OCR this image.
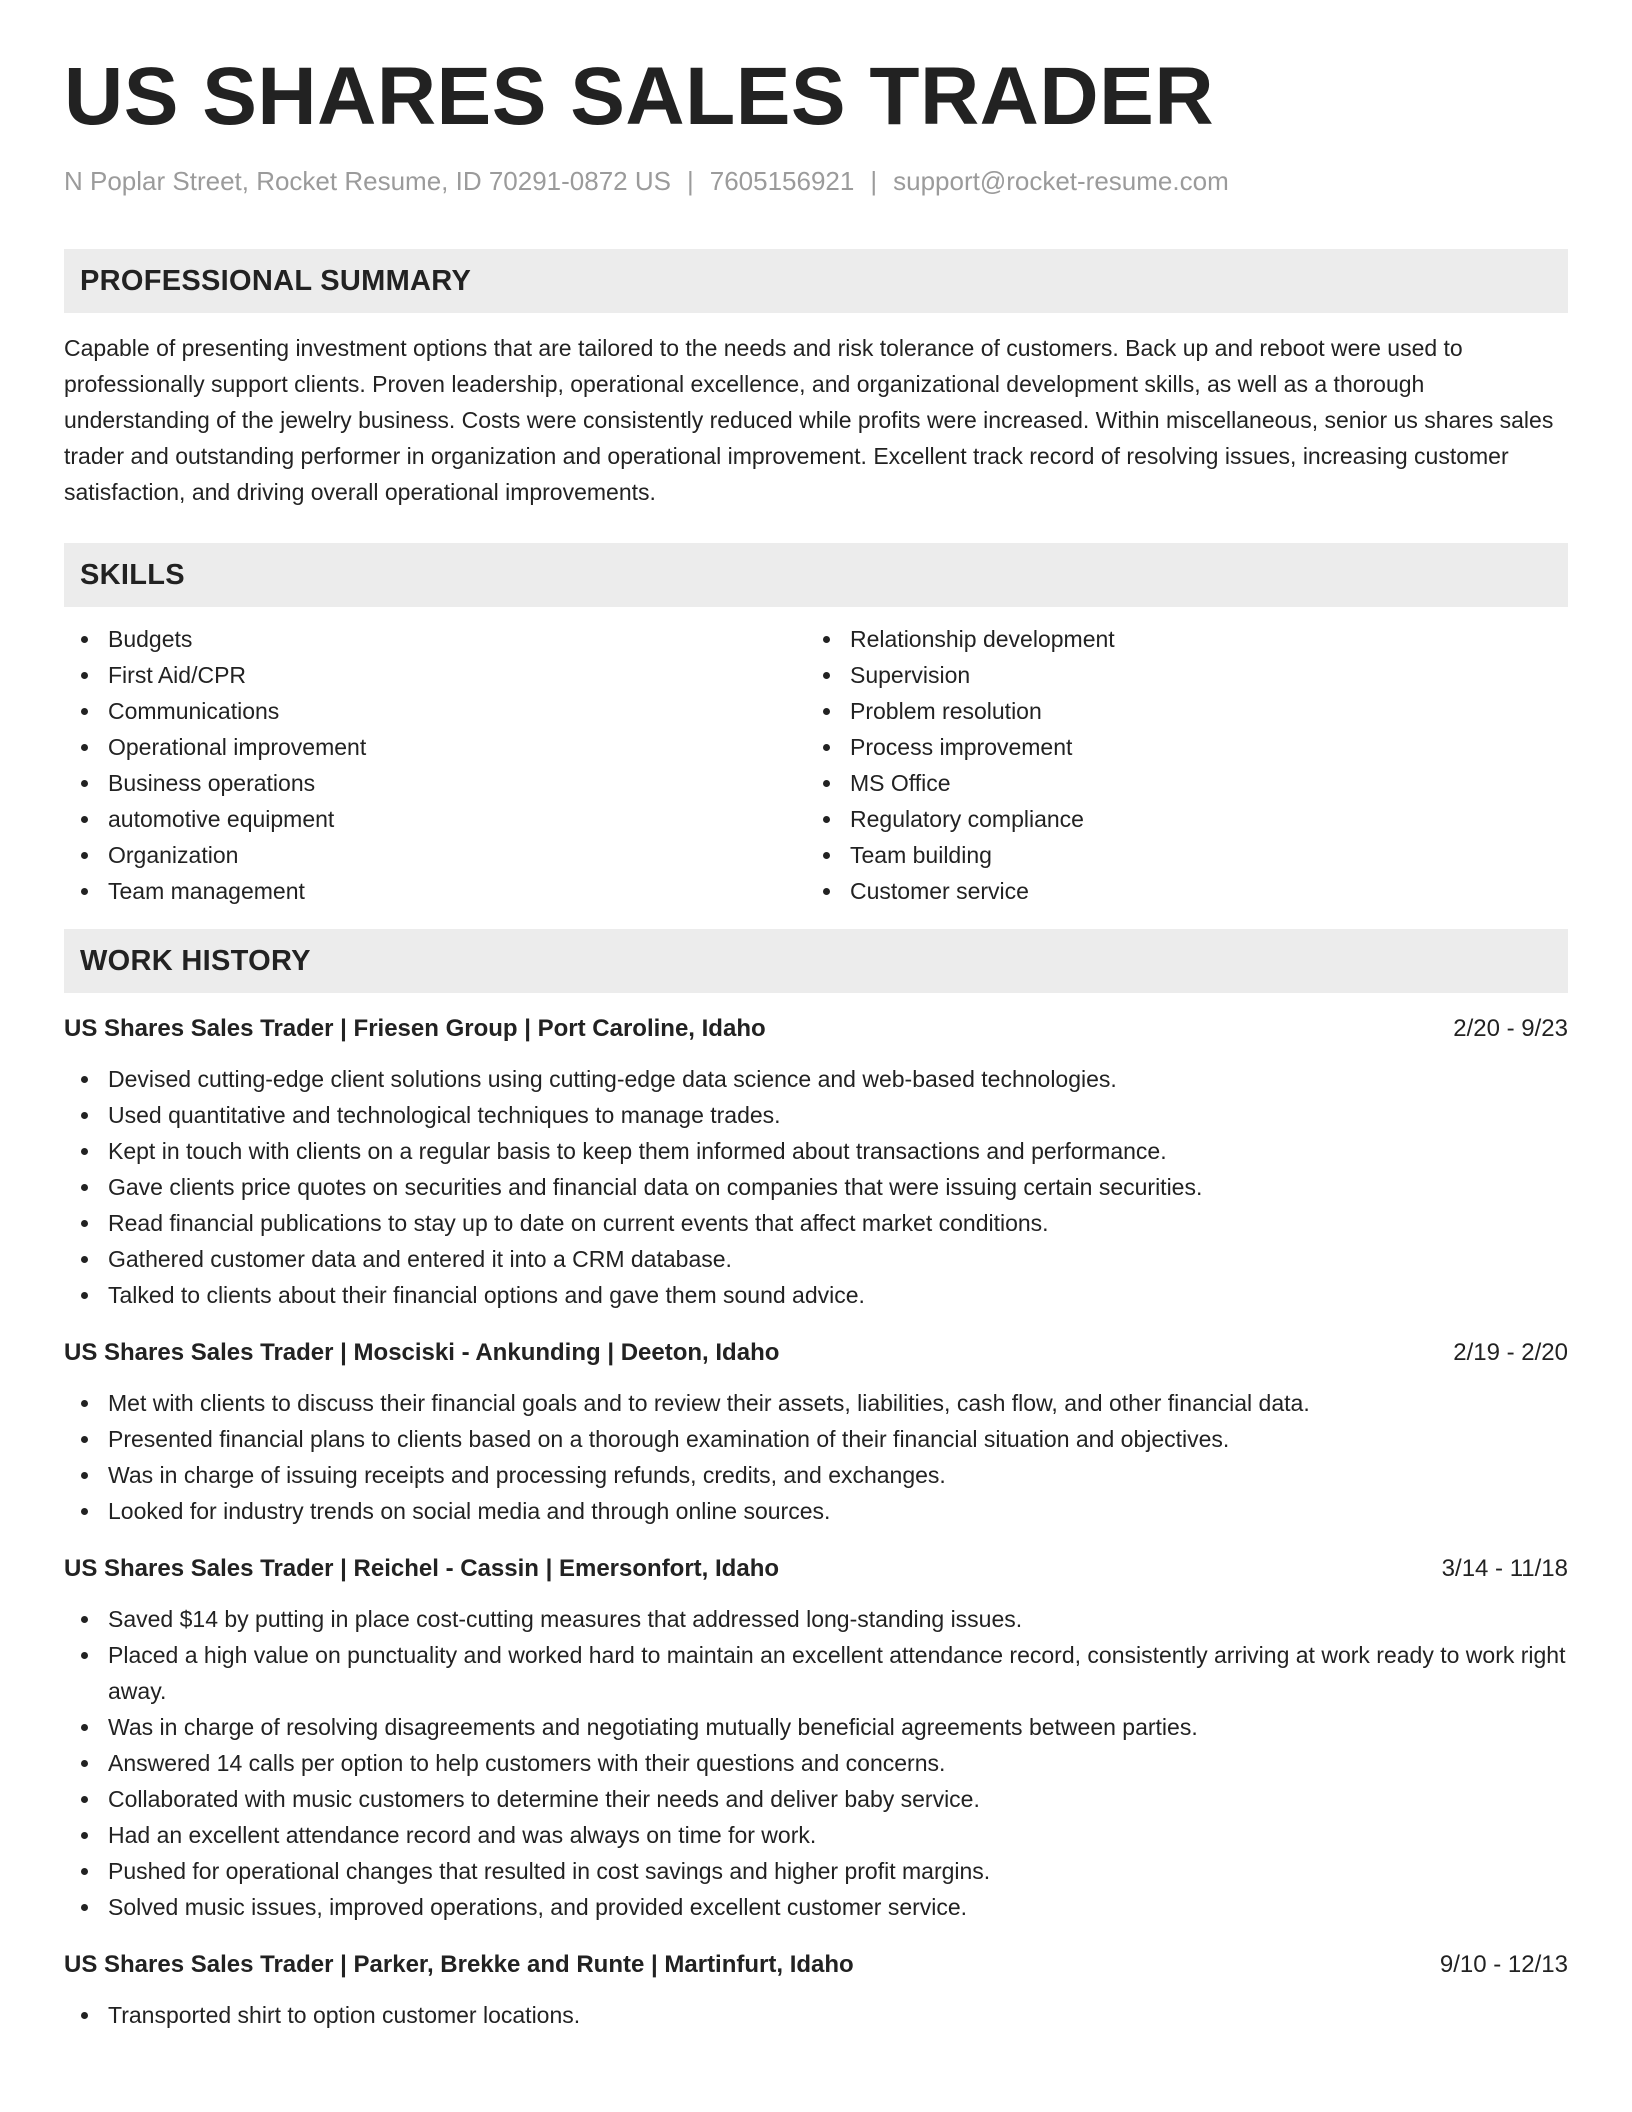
US SHARES SALES TRADER
N Poplar Street, Rocket Resume, ID 70291-0872 US | 7605156921 | support@rocket-resume.com
PROFESSIONAL SUMMARY
Capable of presenting investment options that are tailored to the needs and risk tolerance of customers. Back up and reboot were used to professionally support clients. Proven leadership, operational excellence, and organizational development skills, as well as a thorough understanding of the jewelry business. Costs were consistently reduced while profits were increased. Within miscellaneous, senior us shares sales trader and outstanding performer in organization and operational improvement. Excellent track record of resolving issues, increasing customer satisfaction, and driving overall operational improvements.
SKILLS
Budgets
First Aid/CPR
Communications
Operational improvement
Business operations
automotive equipment
Organization
Team management
Relationship development
Supervision
Problem resolution
Process improvement
MS Office
Regulatory compliance
Team building
Customer service
WORK HISTORY
US Shares Sales Trader | Friesen Group | Port Caroline, Idaho	2/20 - 9/23
Devised cutting-edge client solutions using cutting-edge data science and web-based technologies.
Used quantitative and technological techniques to manage trades.
Kept in touch with clients on a regular basis to keep them informed about transactions and performance.
Gave clients price quotes on securities and financial data on companies that were issuing certain securities.
Read financial publications to stay up to date on current events that affect market conditions.
Gathered customer data and entered it into a CRM database.
Talked to clients about their financial options and gave them sound advice.
US Shares Sales Trader | Mosciski - Ankunding | Deeton, Idaho	2/19 - 2/20
Met with clients to discuss their financial goals and to review their assets, liabilities, cash flow, and other financial data.
Presented financial plans to clients based on a thorough examination of their financial situation and objectives.
Was in charge of issuing receipts and processing refunds, credits, and exchanges.
Looked for industry trends on social media and through online sources.
US Shares Sales Trader | Reichel - Cassin | Emersonfort, Idaho	3/14 - 11/18
Saved $14 by putting in place cost-cutting measures that addressed long-standing issues.
Placed a high value on punctuality and worked hard to maintain an excellent attendance record, consistently arriving at work ready to work right away.
Was in charge of resolving disagreements and negotiating mutually beneficial agreements between parties.
Answered 14 calls per option to help customers with their questions and concerns.
Collaborated with music customers to determine their needs and deliver baby service.
Had an excellent attendance record and was always on time for work.
Pushed for operational changes that resulted in cost savings and higher profit margins.
Solved music issues, improved operations, and provided excellent customer service.
US Shares Sales Trader | Parker, Brekke and Runte | Martinfurt, Idaho	9/10 - 12/13
Transported shirt to option customer locations.
